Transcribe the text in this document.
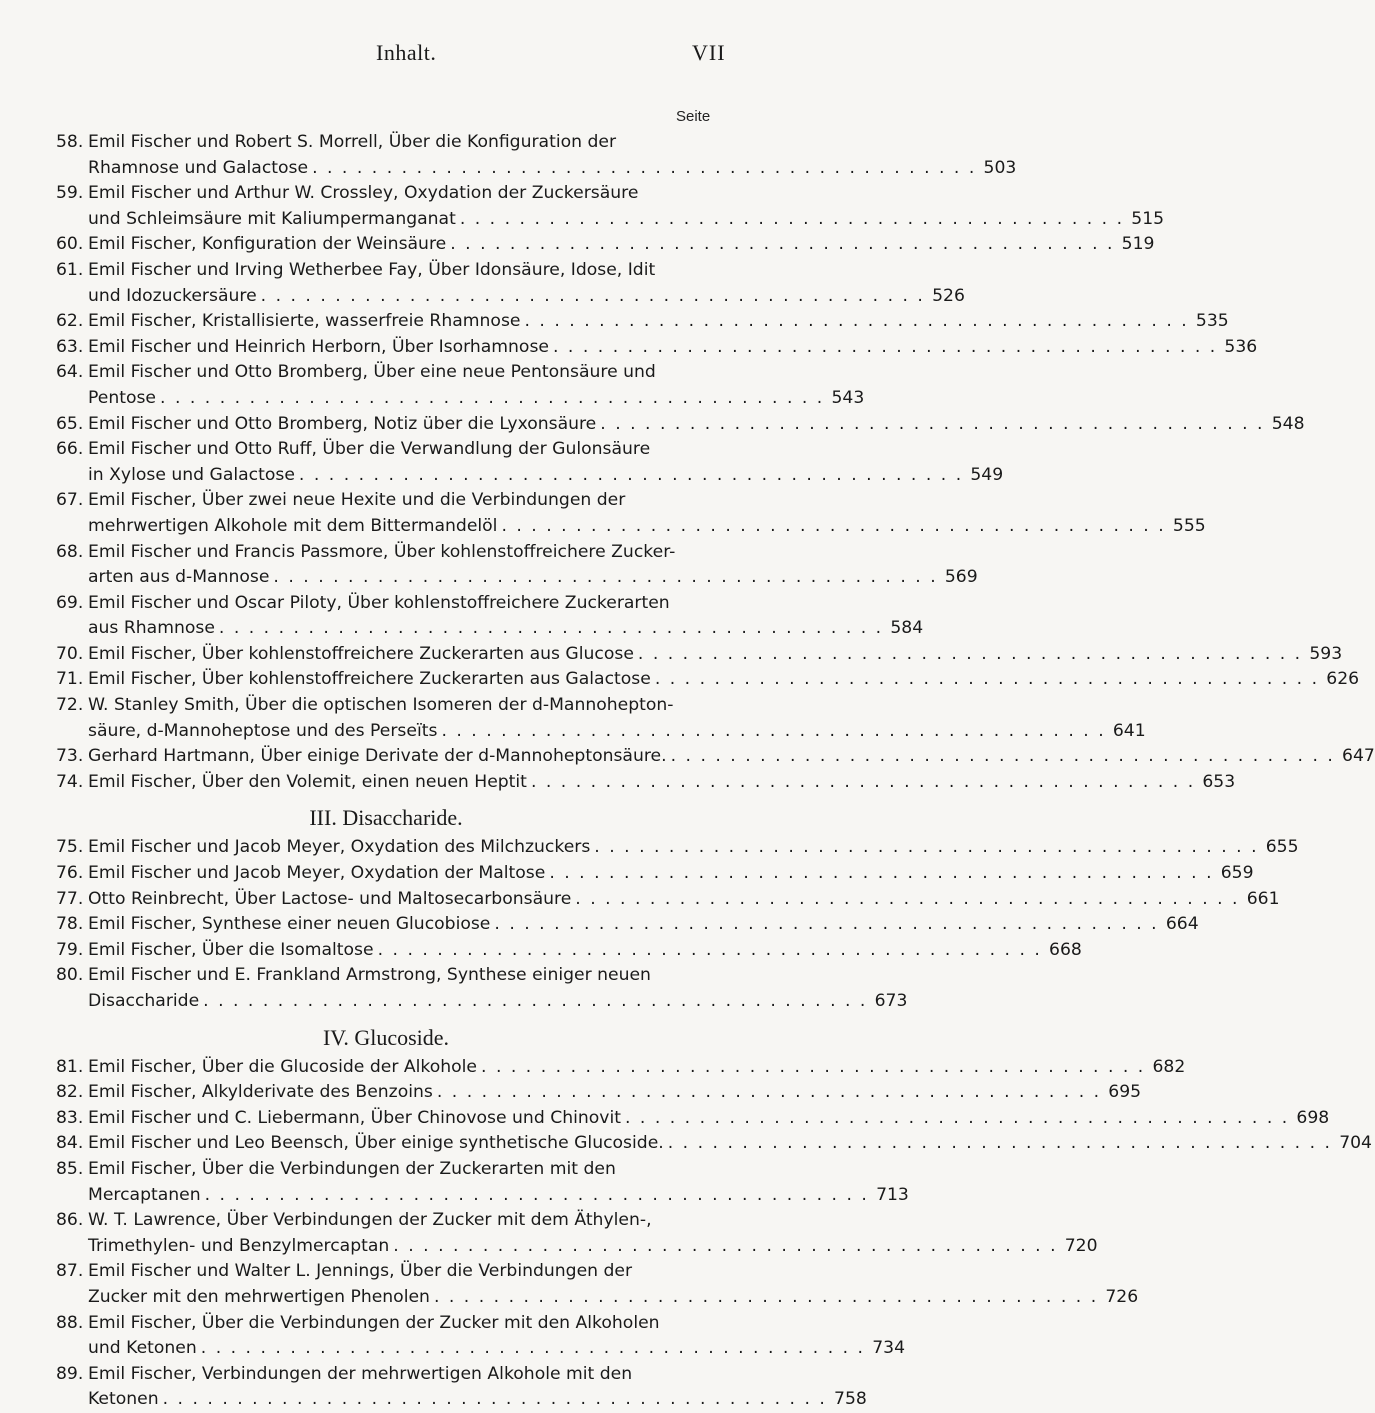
Inhalt.	VII
Seite
58. Emil Fischer und Robert S. Morrell, Über die Konfiguration der
Rhamnose und Galactose . . .	503
59. Emil Fischer und Arthur W. Crossley, Oxydation der Zuckersäure
und Schleimsäure mit Kaliumpermanganat . . .	515
60. Emil Fischer, Konfiguration der Weinsäure . . .	519
61. Emil Fischer und Irving Wetherbee Fay, Über Idonsäure, Idose, Idit
und Idozuckersäure . . .	526
62. Emil Fischer, Kristallisierte, wasserfreie Rhamnose . . .	535
63. Emil Fischer und Heinrich Herborn, Über Isorhamnose . . .	536
64. Emil Fischer und Otto Bromberg, Über eine neue Pentonsäure und
Pentose . . .	543
65. Emil Fischer und Otto Bromberg, Notiz über die Lyxonsäure . . .	548
66. Emil Fischer und Otto Ruff, Über die Verwandlung der Gulonsäure
in Xylose und Galactose . . .	549
67. Emil Fischer, Über zwei neue Hexite und die Verbindungen der
mehrwertigen Alkohole mit dem Bittermandelöl . . .	555
68. Emil Fischer und Francis Passmore, Über kohlenstoffreichere Zucker-
arten aus d-Mannose . . .	569
69. Emil Fischer und Oscar Piloty, Über kohlenstoffreichere Zuckerarten
aus Rhamnose . . .	584
70. Emil Fischer, Über kohlenstoffreichere Zuckerarten aus Glucose . . .	593
71. Emil Fischer, Über kohlenstoffreichere Zuckerarten aus Galactose . . .	626
72. W. Stanley Smith, Über die optischen Isomeren der d-Mannohepton-
säure, d-Mannoheptose und des Perseïts . . .	641
73. Gerhard Hartmann, Über einige Derivate der d-Mannoheptonsäure. . . .	647
74. Emil Fischer, Über den Volemit, einen neuen Heptit . . .	653
III. Disaccharide.
75. Emil Fischer und Jacob Meyer, Oxydation des Milchzuckers . . .	655
76. Emil Fischer und Jacob Meyer, Oxydation der Maltose . . .	659
77. Otto Reinbrecht, Über Lactose- und Maltosecarbonsäure . . .	661
78. Emil Fischer, Synthese einer neuen Glucobiose . . .	664
79. Emil Fischer, Über die Isomaltose . . .	668
80. Emil Fischer und E. Frankland Armstrong, Synthese einiger neuen
Disaccharide . . .	673
IV. Glucoside.
81. Emil Fischer, Über die Glucoside der Alkohole . . .	682
82. Emil Fischer, Alkylderivate des Benzoins . . .	695
83. Emil Fischer und C. Liebermann, Über Chinovose und Chinovit . . .	698
84. Emil Fischer und Leo Beensch, Über einige synthetische Glucoside. . . .	704
85. Emil Fischer, Über die Verbindungen der Zuckerarten mit den
Mercaptanen . . .	713
86. W. T. Lawrence, Über Verbindungen der Zucker mit dem Äthylen-,
Trimethylen- und Benzylmercaptan . . .	720
87. Emil Fischer und Walter L. Jennings, Über die Verbindungen der
Zucker mit den mehrwertigen Phenolen . . .	726
88. Emil Fischer, Über die Verbindungen der Zucker mit den Alkoholen
und Ketonen . . .	734
89. Emil Fischer, Verbindungen der mehrwertigen Alkohole mit den
Ketonen . . .	758
